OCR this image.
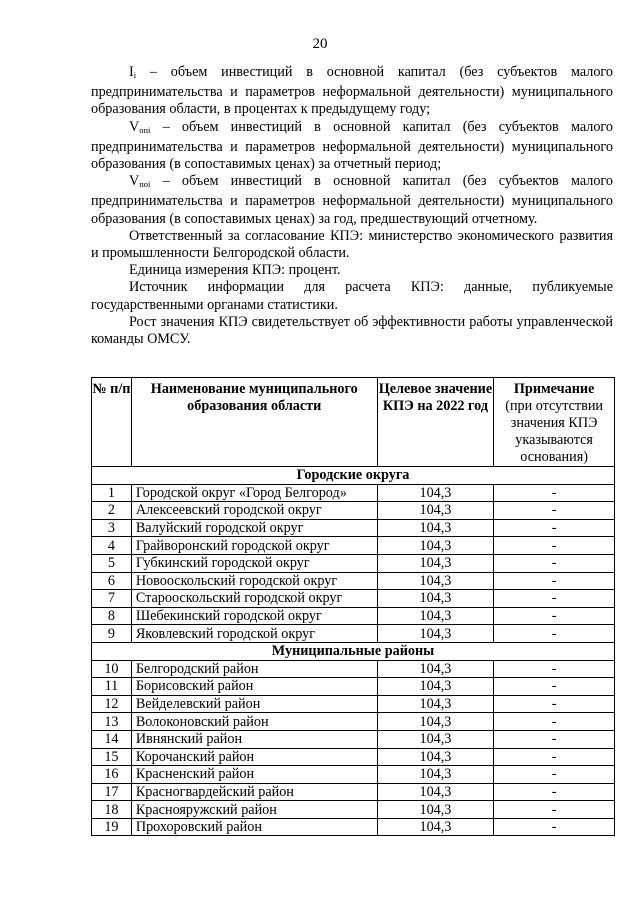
20

$I_i$ – объем инвестиций в основной капитал (без субъектов малого предпринимательства и параметров неформальной деятельности) муниципального образования области, в процентах к предыдущему году;

$V_{oпi}$ – объем инвестиций в основной капитал (без субъектов малого предпринимательства и параметров неформальной деятельности) муниципального образования (в сопоставимых ценах) за отчетный период;

$V_{пoi}$ – объем инвестиций в основной капитал (без субъектов малого предпринимательства и параметров неформальной деятельности) муниципального образования (в сопоставимых ценах) за год, предшествующий отчетному.

Ответственный за согласование КПЭ: министерство экономического развития и промышленности Белгородской области.

Единица измерения КПЭ: процент.

Источник информации для расчета КПЭ: данные, публикуемые государственными органами статистики.

Рост значения КПЭ свидетельствует об эффективности работы управленческой команды ОМСУ.

№ п/п	Наименование муниципального образования области	Целевое значение КПЭ на 2022 год	Примечание
(при отсутствии значения КПЭ указываются основания)
Городские округа			
1	Городской округ «Город Белгород»	104,3	-
2	Алексеевский городской округ	104,3	-
3	Валуйский городской округ	104,3	-
4	Грайворонский городской округ	104,3	-
5	Губкинский городской округ	104,3	-
6	Новооскольский городской округ	104,3	-
7	Старооскольский городской округ	104,3	-
8	Шебекинский городской округ	104,3	-
9	Яковлевский городской округ	104,3	-
Муниципальные районы			
10	Белгородский район	104,3	-
11	Борисовский район	104,3	-
12	Вейделевский район	104,3	-
13	Волоконовский район	104,3	-
14	Ивнянский район	104,3	-
15	Корочанский район	104,3	-
16	Красненский район	104,3	-
17	Красногвардейский район	104,3	-
18	Краснояружский район	104,3	-
19	Прохоровский район	104,3	-
